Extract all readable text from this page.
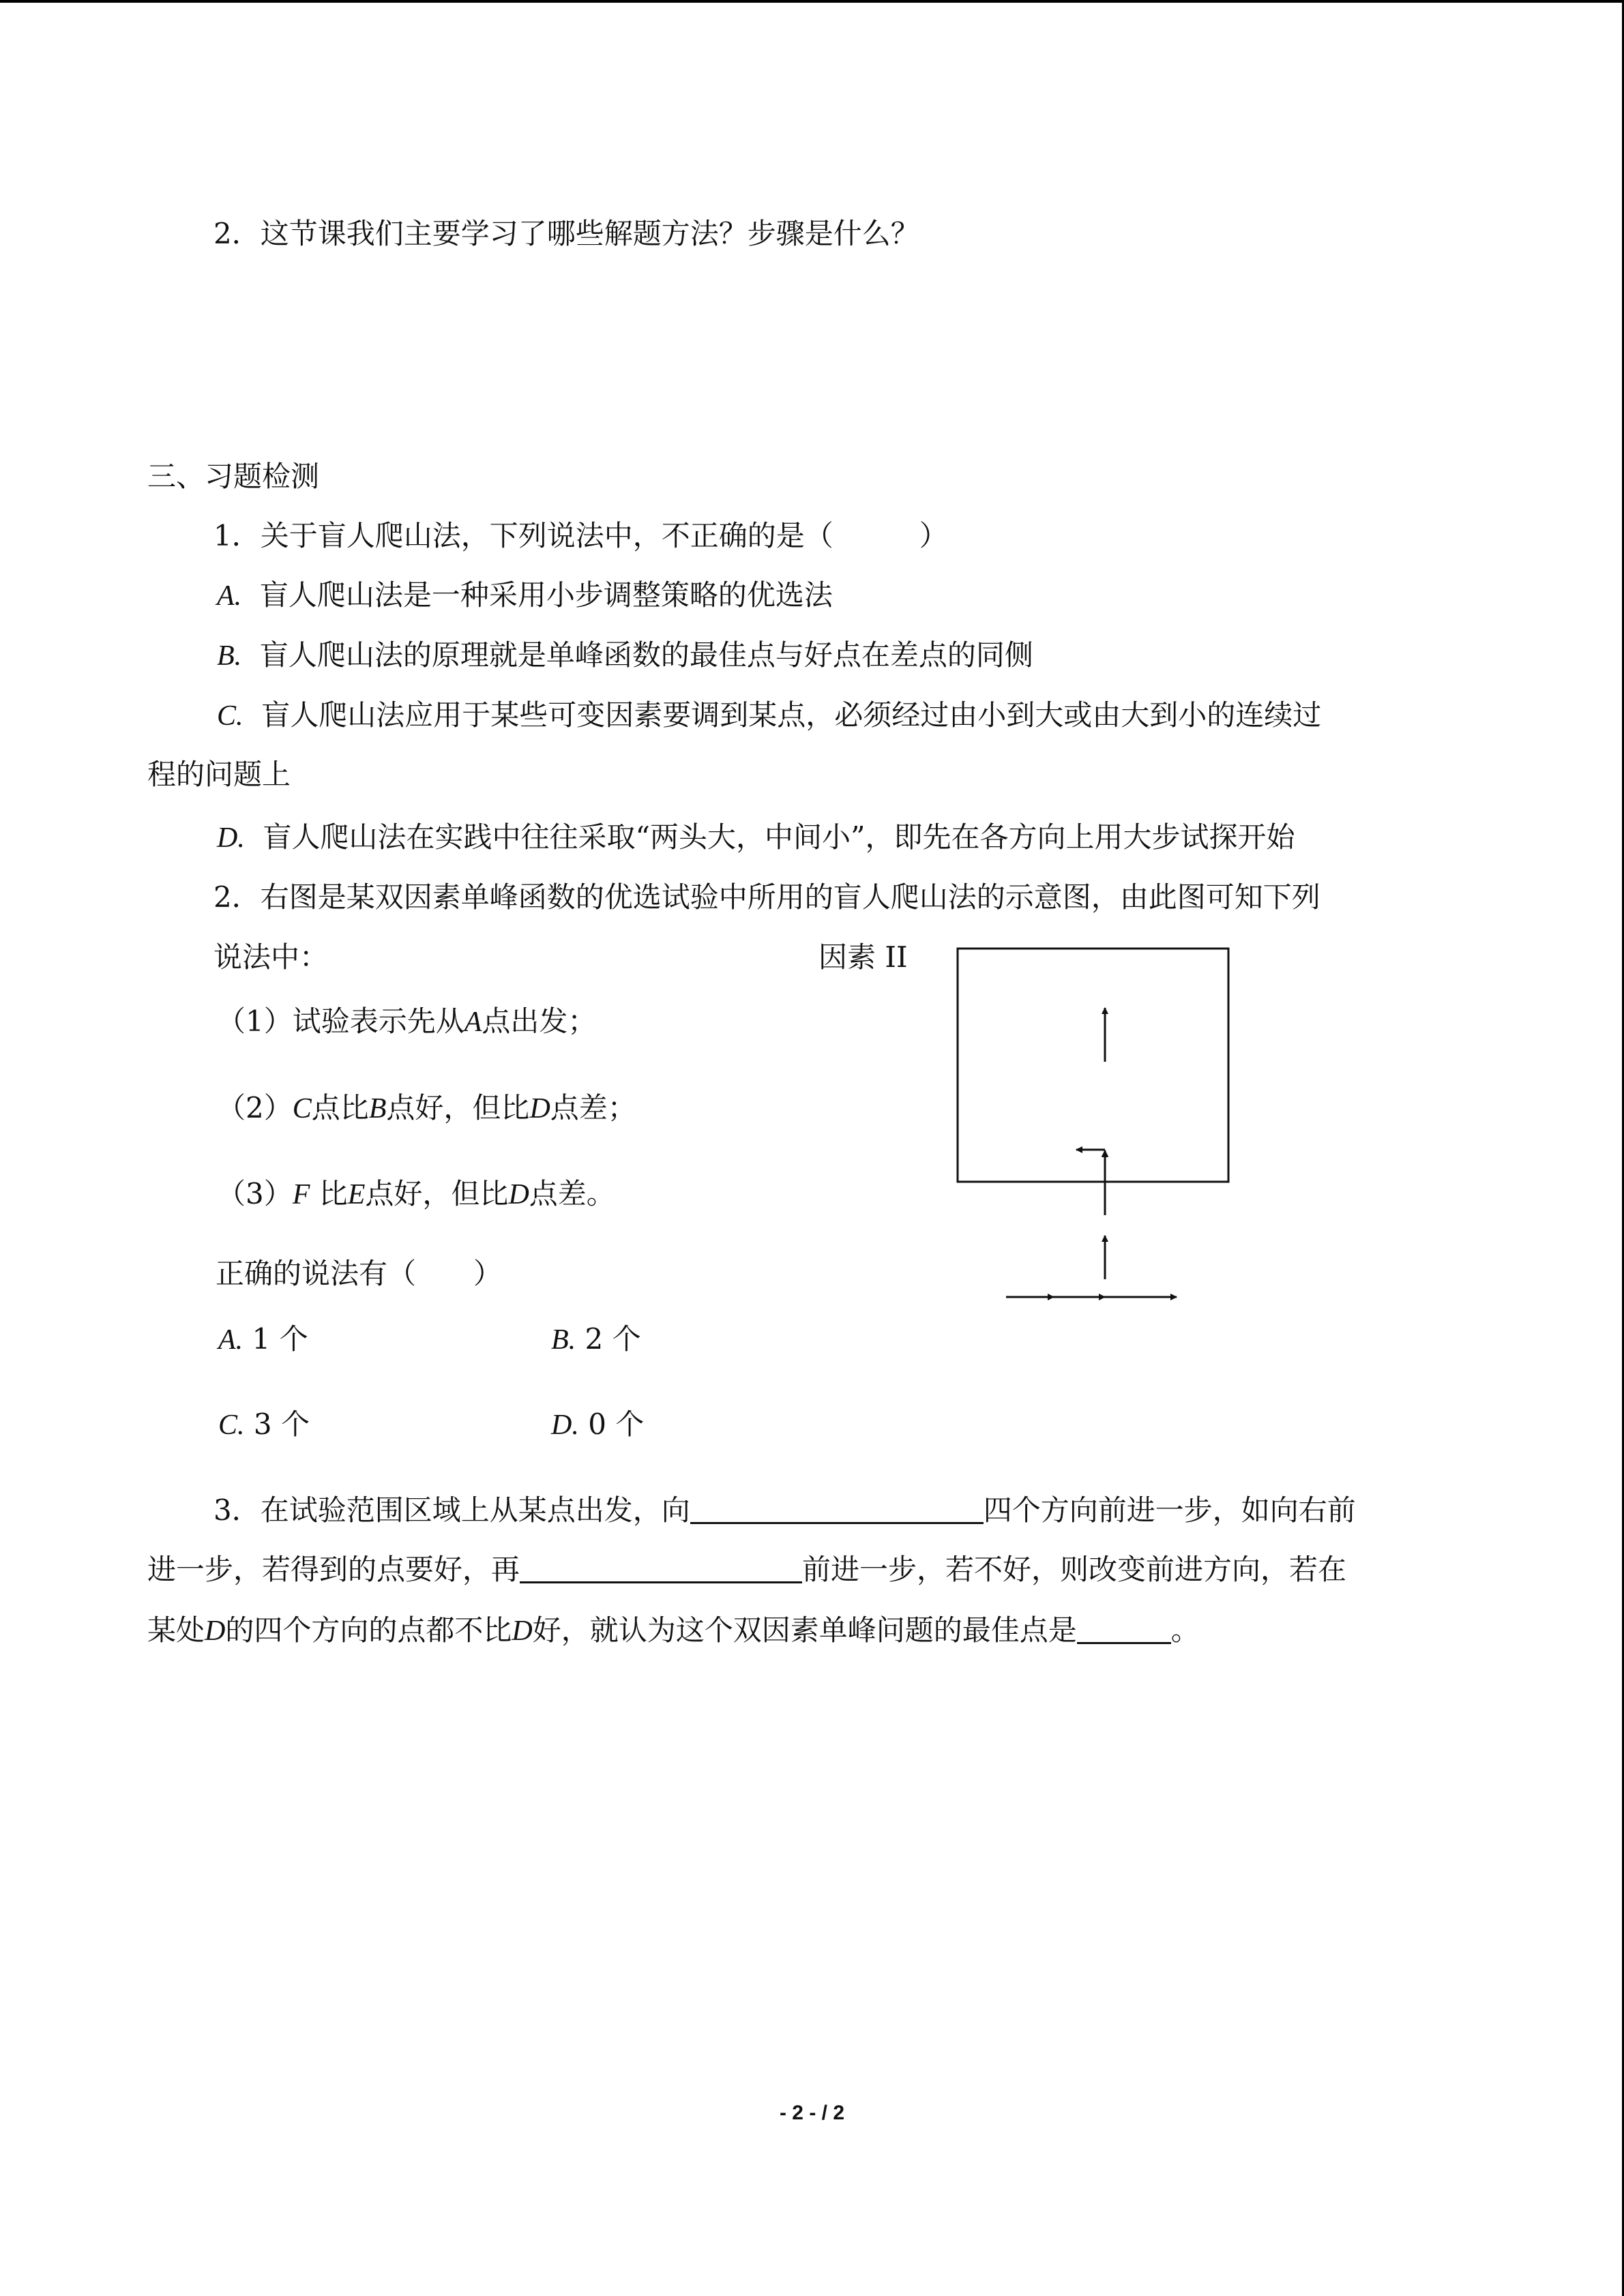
2．这节课我们主要学习了哪些解题方法？步骤是什么？
三、习题检测
1．关于盲人爬山法，下列说法中，不正确的是（　　　）
A. 盲人爬山法是一种采用小步调整策略的优选法
B. 盲人爬山法的原理就是单峰函数的最佳点与好点在差点的同侧
C. 盲人爬山法应用于某些可变因素要调到某点，必须经过由小到大或由大到小的连续过
程的问题上
D. 盲人爬山法在实践中往往采取“两头大，中间小”，即先在各方向上用大步试探开始
2．右图是某双因素单峰函数的优选试验中所用的盲人爬山法的示意图，由此图可知下列
说法中：	因素 II
（1）试验表示先从A点出发；
（2）C点比B点好，但比D点差；
（3）F 比E点好，但比D点差。
正确的说法有（　　）
A. 1 个	B. 2 个
C. 3 个	D. 0 个
3．在试验范围区域上从某点出发，向	四个方向前进一步，如向右前
进一步，若得到的点要好，再	前进一步，若不好，则改变前进方向，若在
某处D的四个方向的点都不比D好，就认为这个双因素单峰问题的最佳点是	。
- 2 - / 2
